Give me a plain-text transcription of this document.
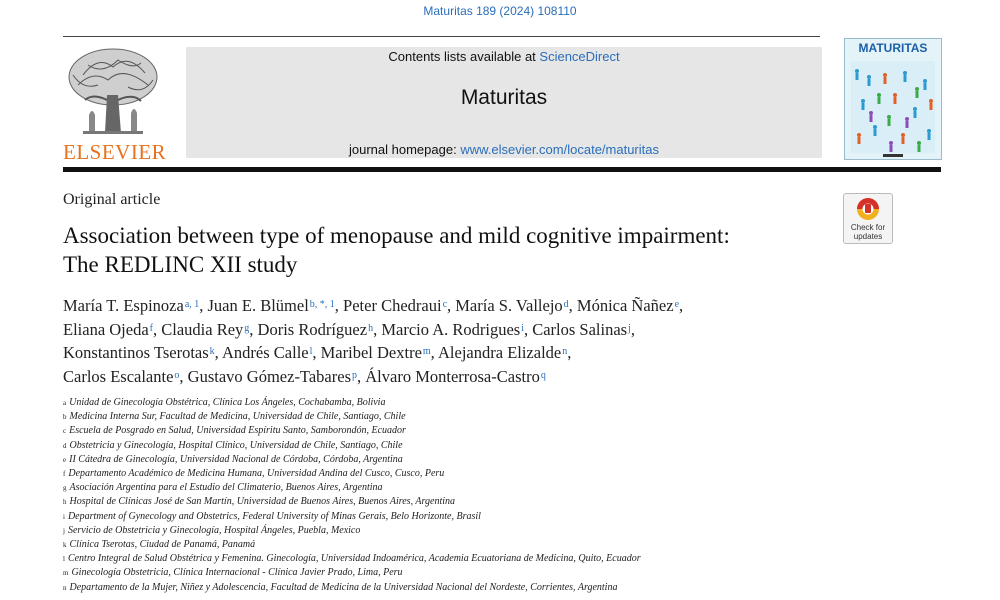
Maturitas 189 (2024) 108110
ELSEVIER
Contents lists available at ScienceDirect
Maturitas
journal homepage: www.elsevier.com/locate/maturitas
MATURITAS
Original article
Check for
updates
Association between type of menopause and mild cognitive impairment:
The REDLINC XII study
María T. Espinoza$^{a, 1}$, Juan E. Blümel$^{b, *, 1}$, Peter Chedraui$^c$, María S. Vallejo$^d$, Mónica Ñañez$^e$,
Eliana Ojeda$^f$, Claudia Rey$^g$, Doris Rodríguez$^h$, Marcio A. Rodrigues$^i$, Carlos Salinas$^j$,
Konstantinos Tserotas$^k$, Andrés Calle$^l$, Maribel Dextre$^m$, Alejandra Elizalde$^n$,
Carlos Escalante$^o$, Gustavo Gómez-Tabares$^p$, Álvaro Monterrosa-Castro$^q$
$^a$ Unidad de Ginecología Obstétrica, Clínica Los Ángeles, Cochabamba, Bolivia
$^b$ Medicina Interna Sur, Facultad de Medicina, Universidad de Chile, Santiago, Chile
$^c$ Escuela de Posgrado en Salud, Universidad Espíritu Santo, Samborondón, Ecuador
$^d$ Obstetricia y Ginecología, Hospital Clínico, Universidad de Chile, Santiago, Chile
$^e$ II Cátedra de Ginecología, Universidad Nacional de Córdoba, Córdoba, Argentina
$^f$ Departamento Académico de Medicina Humana, Universidad Andina del Cusco, Cusco, Peru
$^g$ Asociación Argentina para el Estudio del Climaterio, Buenos Aires, Argentina
$^h$ Hospital de Clínicas José de San Martín, Universidad de Buenos Aires, Buenos Aires, Argentina
$^i$ Department of Gynecology and Obstetrics, Federal University of Minas Gerais, Belo Horizonte, Brasil
$^j$ Servicio de Obstetricia y Ginecología, Hospital Ángeles, Puebla, Mexico
$^k$ Clínica Tserotas, Ciudad de Panamá, Panamá
$^l$ Centro Integral de Salud Obstétrica y Femenina. Ginecología, Universidad Indoamérica, Academia Ecuatoriana de Medicina, Quito, Ecuador
$^m$ Ginecología Obstetricia, Clínica Internacional - Clínica Javier Prado, Lima, Peru
$^n$ Departamento de la Mujer, Niñez y Adolescencia, Facultad de Medicina de la Universidad Nacional del Nordeste, Corrientes, Argentina
